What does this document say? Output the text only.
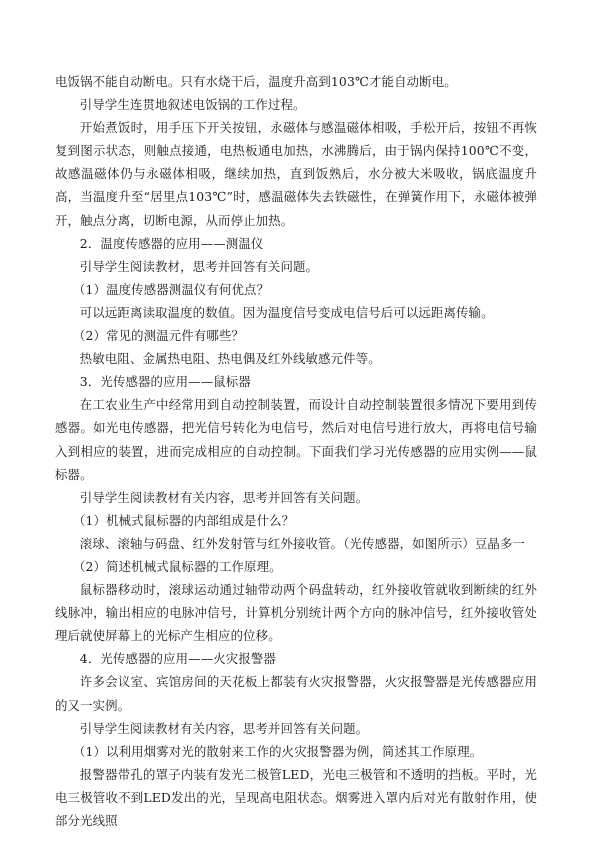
电饭锅不能自动断电。只有水烧干后，温度升高到103℃才能自动断电。

引导学生连贯地叙述电饭锅的工作过程。

开始煮饭时，用手压下开关按钮，永磁体与感温磁体相吸，手松开后，按钮不再恢复到图示状态，则触点接通，电热板通电加热，水沸腾后，由于锅内保持100℃不变，故感温磁体仍与永磁体相吸，继续加热，直到饭熟后，水分被大米吸收，锅底温度升高，当温度升至“居里点103℃”时，感温磁体失去铁磁性，在弹簧作用下，永磁体被弹开，触点分离，切断电源，从而停止加热。

2．温度传感器的应用——测温仪

引导学生阅读教材，思考并回答有关问题。

（1）温度传感器测温仪有何优点？

可以远距离读取温度的数值。因为温度信号变成电信号后可以远距离传输。

（2）常见的测温元件有哪些？

热敏电阻、金属热电阻、热电偶及红外线敏感元件等。

3．光传感器的应用——鼠标器

在工农业生产中经常用到自动控制装置，而设计自动控制装置很多情况下要用到传感器。如光电传感器，把光信号转化为电信号，然后对电信号进行放大，再将电信号输入到相应的装置，进而完成相应的自动控制。下面我们学习光传感器的应用实例——鼠标器。

引导学生阅读教材有关内容，思考并回答有关问题。

（1）机械式鼠标器的内部组成是什么？

滚球、滚轴与码盘、红外发射管与红外接收管。（光传感器，如图所示）豆晶多一

（2）简述机械式鼠标器的工作原理。

鼠标器移动时，滚球运动通过轴带动两个码盘转动，红外接收管就收到断续的红外线脉冲，输出相应的电脉冲信号，计算机分别统计两个方向的脉冲信号，红外接收管处理后就使屏幕上的光标产生相应的位移。

4．光传感器的应用——火灾报警器

许多会议室、宾馆房间的天花板上都装有火灾报警器，火灾报警器是光传感器应用的又一实例。

引导学生阅读教材有关内容，思考并回答有关问题。

（1）以利用烟雾对光的散射来工作的火灾报警器为例，简述其工作原理。

报警器带孔的罩子内装有发光二极管LED，光电三极管和不透明的挡板。平时，光电三极管收不到LED发出的光，呈现高电阻状态。烟雾进入罩内后对光有散射作用，使部分光线照
